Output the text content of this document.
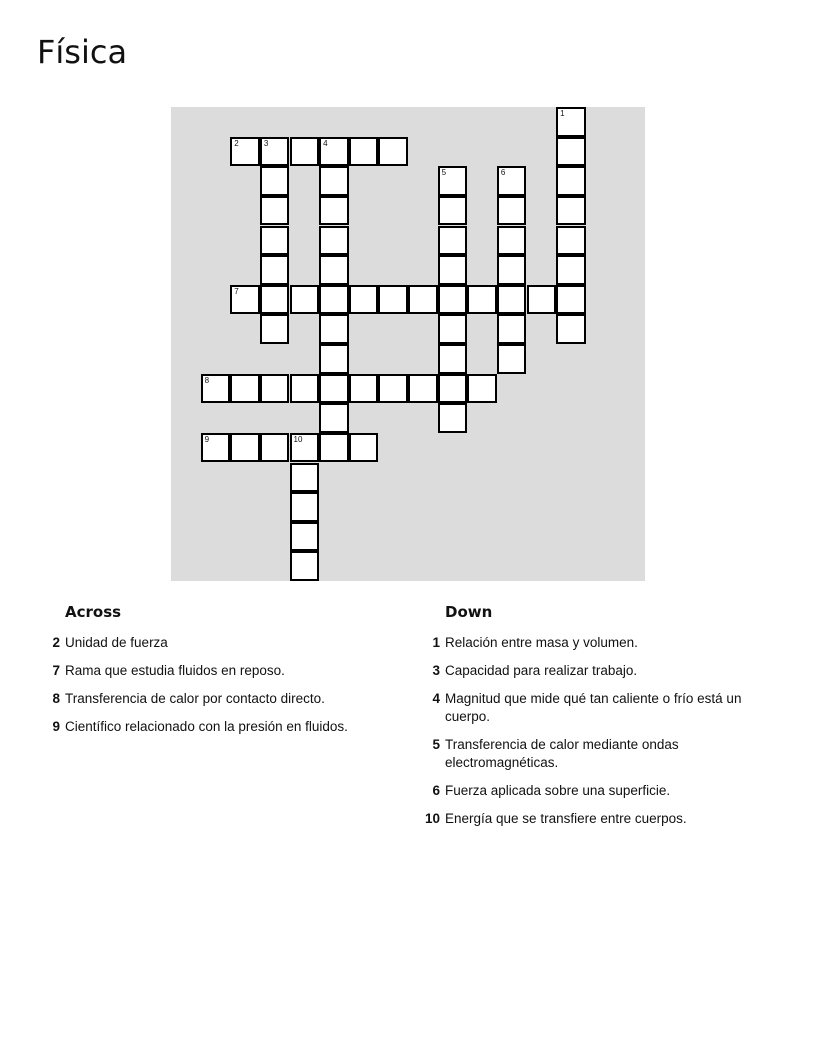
Física
1
2	3	4
5	6
7
8
9	10
Across
2 Unidad de fuerza
7 Rama que estudia fluidos en reposo.
8 Transferencia de calor por contacto directo.
9 Científico relacionado con la presión en fluidos.
Down
1 Relación entre masa y volumen.
3 Capacidad para realizar trabajo.
4 Magnitud que mide qué tan caliente o frío está un cuerpo.
5 Transferencia de calor mediante ondas electromagnéticas.
6 Fuerza aplicada sobre una superficie.
10 Energía que se transfiere entre cuerpos.
